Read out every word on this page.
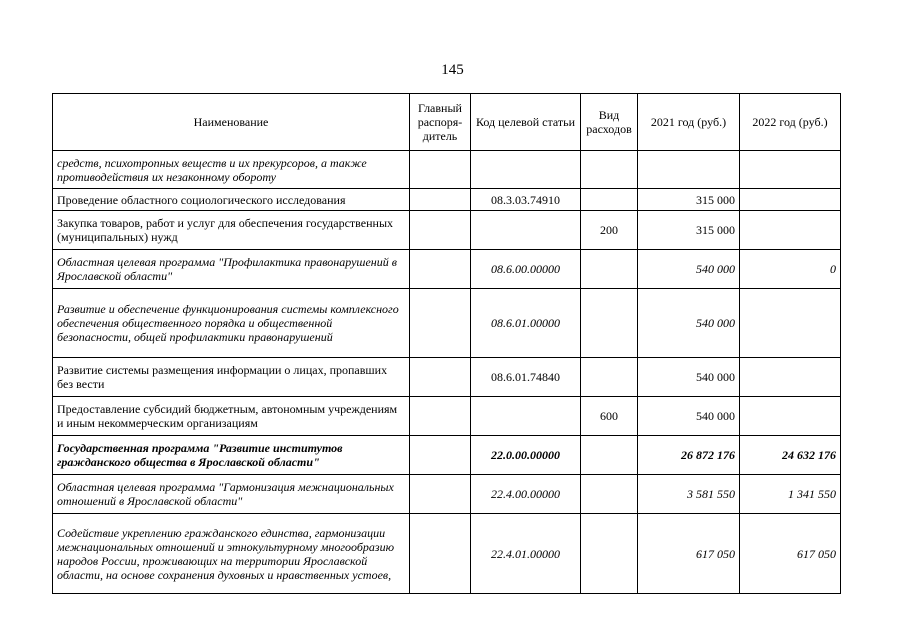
145
Наименование	Главный распоря-дитель	Код целевой статьи	Вид расходов	2021 год (руб.)	2022 год (руб.)
средств, психотропных веществ и их прекурсоров, а также противодействия их незаконному обороту					
Проведение областного социологического исследования		08.3.03.74910		315 000	
Закупка товаров, работ и услуг для обеспечения государственных (муниципальных) нужд			200	315 000	
Областная целевая программа "Профилактика правонарушений в Ярославской области"		08.6.00.00000		540 000	0
Развитие и обеспечение функционирования системы комплексного обеспечения общественного порядка и общественной безопасности, общей профилактики правонарушений		08.6.01.00000		540 000	
Развитие системы размещения информации о лицах, пропавших без вести		08.6.01.74840		540 000	
Предоставление субсидий бюджетным, автономным учреждениям и иным некоммерческим организациям			600	540 000	
Государственная программа "Развитие институтов гражданского общества в Ярославской области"		22.0.00.00000		26 872 176	24 632 176
Областная целевая программа "Гармонизация межнациональных отношений в Ярославской области"		22.4.00.00000		3 581 550	1 341 550
Содействие укреплению гражданского единства, гармонизации межнациональных отношений и этнокультурному многообразию народов России, проживающих на территории Ярославской области, на основе сохранения духовных и нравственных устоев,		22.4.01.00000		617 050	617 050
